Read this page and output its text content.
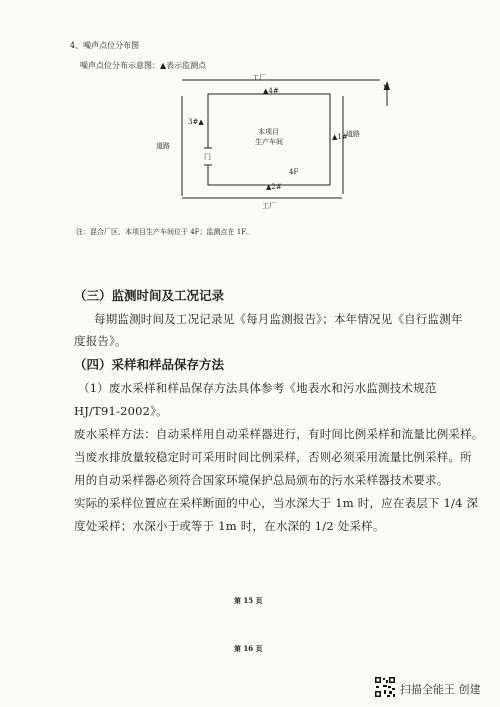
4、噪声点位分布图
噪声点位分布示意图：▲表示监测点
工厂
▲4#
3#▲
▲1#
▲2#
门
本项目
生产车间
4F
道路
道路
工厂
N
注：混合厂区，本项目生产车间位于 4F；监测点在 1F。
（三）监测时间及工况记录
每期监测时间及工况记录见《每月监测报告》；本年情况见《自行监测年
度报告》。
（四）采样和样品保存方法
（1）废水采样和样品保存方法具体参考《地表水和污水监测技术规范
HJ/T91-2002》。
废水采样方法：自动采样用自动采样器进行，有时间比例采样和流量比例采样。
当废水排放量较稳定时可采用时间比例采样，否则必须采用流量比例采样。所
用的自动采样器必须符合国家环境保护总局颁布的污水采样器技术要求。
实际的采样位置应在采样断面的中心，当水深大于 1m 时，应在表层下 1/4 深
度处采样；水深小于或等于 1m 时，在水深的 1/2 处采样。
第 15 页
第 16 页
扫描全能王 创建
